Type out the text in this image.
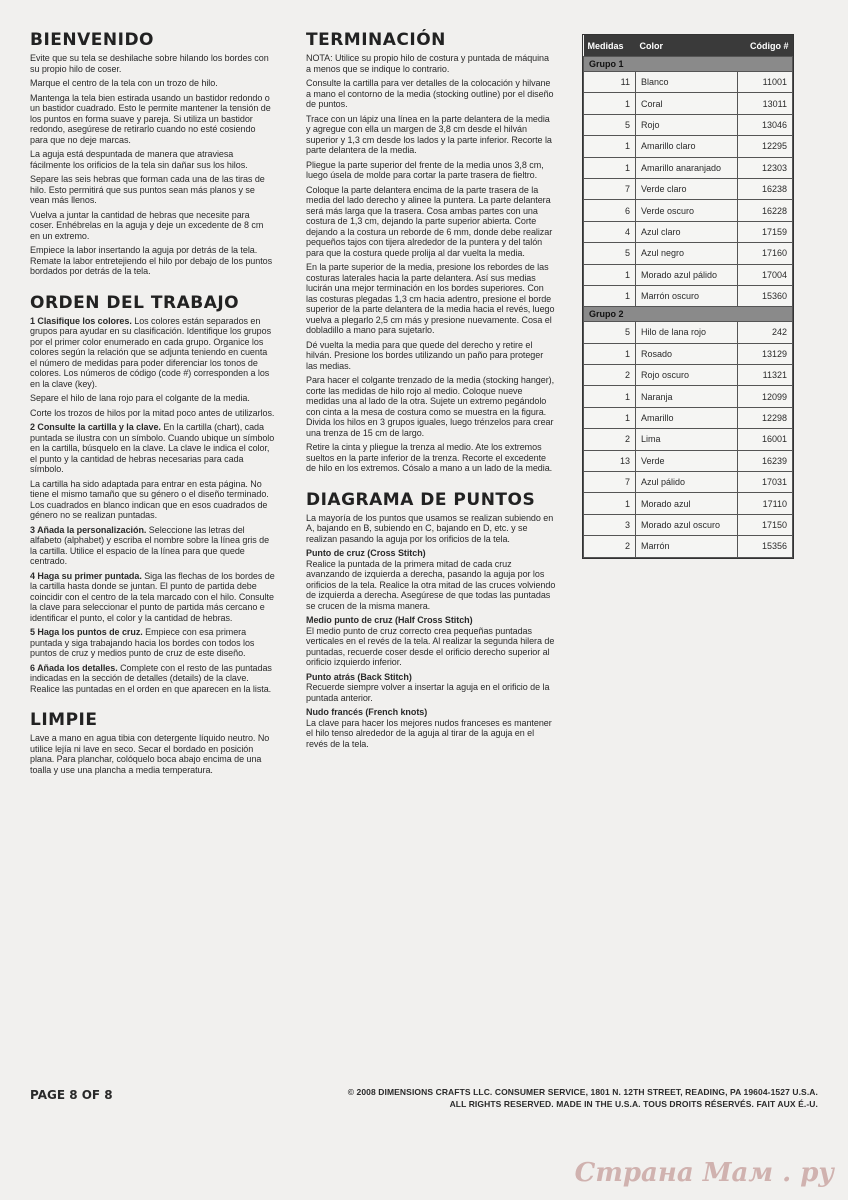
BIENVENIDO

Evite que su tela se deshilache sobre hilando los bordes con su propio hilo de coser.

Marque el centro de la tela con un trozo de hilo.

Mantenga la tela bien estirada usando un bastidor redondo o un bastidor cuadrado. Esto le permite mantener la tensión de los puntos en forma suave y pareja. Si utiliza un bastidor redondo, asegúrese de retirarlo cuando no esté cosiendo para que no deje marcas.

La aguja está despuntada de manera que atraviesa fácilmente los orificios de la tela sin dañar sus los hilos.

Separe las seis hebras que forman cada una de las tiras de hilo. Esto permitirá que sus puntos sean más planos y se vean más llenos.

Vuelva a juntar la cantidad de hebras que necesite para coser. Enhébrelas en la aguja y deje un excedente de 8 cm en un extremo.

Empiece la labor insertando la aguja por detrás de la tela. Remate la labor entretejiendo el hilo por debajo de los puntos bordados por detrás de la tela.

ORDEN DEL TRABAJO

1 Clasifique los colores. Los colores están separados en grupos para ayudar en su clasificación. Identifique los grupos por el primer color enumerado en cada grupo. Organice los colores según la relación que se adjunta teniendo en cuenta el número de medidas para poder diferenciar los tonos de colores. Los números de código (code #) corresponden a los en la clave (key).

Separe el hilo de lana rojo para el colgante de la media.

Corte los trozos de hilos por la mitad poco antes de utilizarlos.

2 Consulte la cartilla y la clave. En la cartilla (chart), cada puntada se ilustra con un símbolo. Cuando ubique un símbolo en la cartilla, búsquelo en la clave. La clave le indica el color, el punto y la cantidad de hebras necesarias para cada símbolo.

La cartilla ha sido adaptada para entrar en esta página. No tiene el mismo tamaño que su género o el diseño terminado. Los cuadrados en blanco indican que en esos cuadrados de género no se realizan puntadas.

3 Añada la personalización. Seleccione las letras del alfabeto (alphabet) y escriba el nombre sobre la línea gris de la cartilla. Utilice el espacio de la línea para que quede centrado.

4 Haga su primer puntada. Siga las flechas de los bordes de la cartilla hasta donde se juntan. El punto de partida debe coincidir con el centro de la tela marcado con el hilo. Consulte la clave para seleccionar el punto de partida más cercano e identificar el punto, el color y la cantidad de hebras.

5 Haga los puntos de cruz. Empiece con esa primera puntada y siga trabajando hacia los bordes con todos los puntos de cruz y medios punto de cruz de este diseño.

6 Añada los detalles. Complete con el resto de las puntadas indicadas en la sección de detalles (details) de la clave. Realice las puntadas en el orden en que aparecen en la lista.

LIMPIE

Lave a mano en agua tibia con detergente líquido neutro. No utilice lejía ni lave en seco. Secar el bordado en posición plana. Para planchar, colóquelo boca abajo encima de una toalla y use una plancha a media temperatura.

TERMINACIÓN

NOTA: Utilice su propio hilo de costura y puntada de máquina a menos que se indique lo contrario.

Consulte la cartilla para ver detalles de la colocación y hilvane a mano el contorno de la media (stocking outline) por el diseño de puntos.

Trace con un lápiz una línea en la parte delantera de la media y agregue con ella un margen de 3,8 cm desde el hilván superior y 1,3 cm desde los lados y la parte inferior. Recorte la parte delantera de la media.

Pliegue la parte superior del frente de la media unos 3,8 cm, luego úsela de molde para cortar la parte trasera de fieltro.

Coloque la parte delantera encima de la parte trasera de la media del lado derecho y alinee la puntera. La parte delantera será más larga que la trasera. Cosa ambas partes con una costura de 1,3 cm, dejando la parte superior abierta. Corte dejando a la costura un reborde de 6 mm, donde debe realizar pequeños tajos con tijera alrededor de la puntera y del talón para que la costura quede prolija al dar vuelta la media.

En la parte superior de la media, presione los rebordes de las costuras laterales hacia la parte delantera. Así sus medias lucirán una mejor terminación en los bordes superiores. Con las costuras plegadas 1,3 cm hacia adentro, presione el borde superior de la parte delantera de la media hacia el revés, luego vuelva a plegarlo 2,5 cm más y presione nuevamente. Cosa el dobladillo a mano para sujetarlo.

Dé vuelta la media para que quede del derecho y retire el hilván. Presione los bordes utilizando un paño para proteger las medias.

Para hacer el colgante trenzado de la media (stocking hanger), corte las medidas de hilo rojo al medio. Coloque nueve medidas una al lado de la otra. Sujete un extremo pegándolo con cinta a la mesa de costura como se muestra en la figura. Divida los hilos en 3 grupos iguales, luego trénzelos para crear una trenza de 15 cm de largo.

Retire la cinta y pliegue la trenza al medio. Ate los extremos sueltos en la parte inferior de la trenza. Recorte el excedente de hilo en los extremos. Cósalo a mano a un lado de la media.

DIAGRAMA DE PUNTOS

La mayoría de los puntos que usamos se realizan subiendo en A, bajando en B, subiendo en C, bajando en D, etc. y se realizan pasando la aguja por los orificios de la tela.

Punto de cruz (Cross Stitch)
Realice la puntada de la primera mitad de cada cruz avanzando de izquierda a derecha, pasando la aguja por los orificios de la tela. Realice la otra mitad de las cruces volviendo de izquierda a derecha. Asegúrese de que todas las puntadas se crucen de la misma manera.

Medio punto de cruz (Half Cross Stitch)
El medio punto de cruz correcto crea pequeñas puntadas verticales en el revés de la tela. Al realizar la segunda hilera de puntadas, recuerde coser desde el orificio derecho superior al orificio izquierdo inferior.

Punto atrás (Back Stitch)
Recuerde siempre volver a insertar la aguja en el orificio de la puntada anterior.

Nudo francés (French knots)
La clave para hacer los mejores nudos franceses es mantener el hilo tenso alrededor de la aguja al tirar de la aguja en el revés de la tela.

Medidas	Color	Código #
Grupo 1		
11	Blanco	11001
1	Coral	13011
5	Rojo	13046
1	Amarillo claro	12295
1	Amarillo anaranjado	12303
7	Verde claro	16238
6	Verde oscuro	16228
4	Azul claro	17159
5	Azul negro	17160
1	Morado azul pálido	17004
1	Marrón oscuro	15360
Grupo 2		
5	Hilo de lana rojo	242
1	Rosado	13129
2	Rojo oscuro	11321
1	Naranja	12099
1	Amarillo	12298
2	Lima	16001
13	Verde	16239
7	Azul pálido	17031
1	Morado azul	17110
3	Morado azul oscuro	17150
2	Marrón	15356
PAGE 8 OF 8	© 2008 DIMENSIONS CRAFTS LLC. CONSUMER SERVICE, 1801 N. 12TH STREET, READING, PA 19604-1527 U.S.A.
ALL RIGHTS RESERVED. MADE IN THE U.S.A. TOUS DROITS RÉSERVÉS. FAIT AUX É.-U.
Страна Мам . ру
